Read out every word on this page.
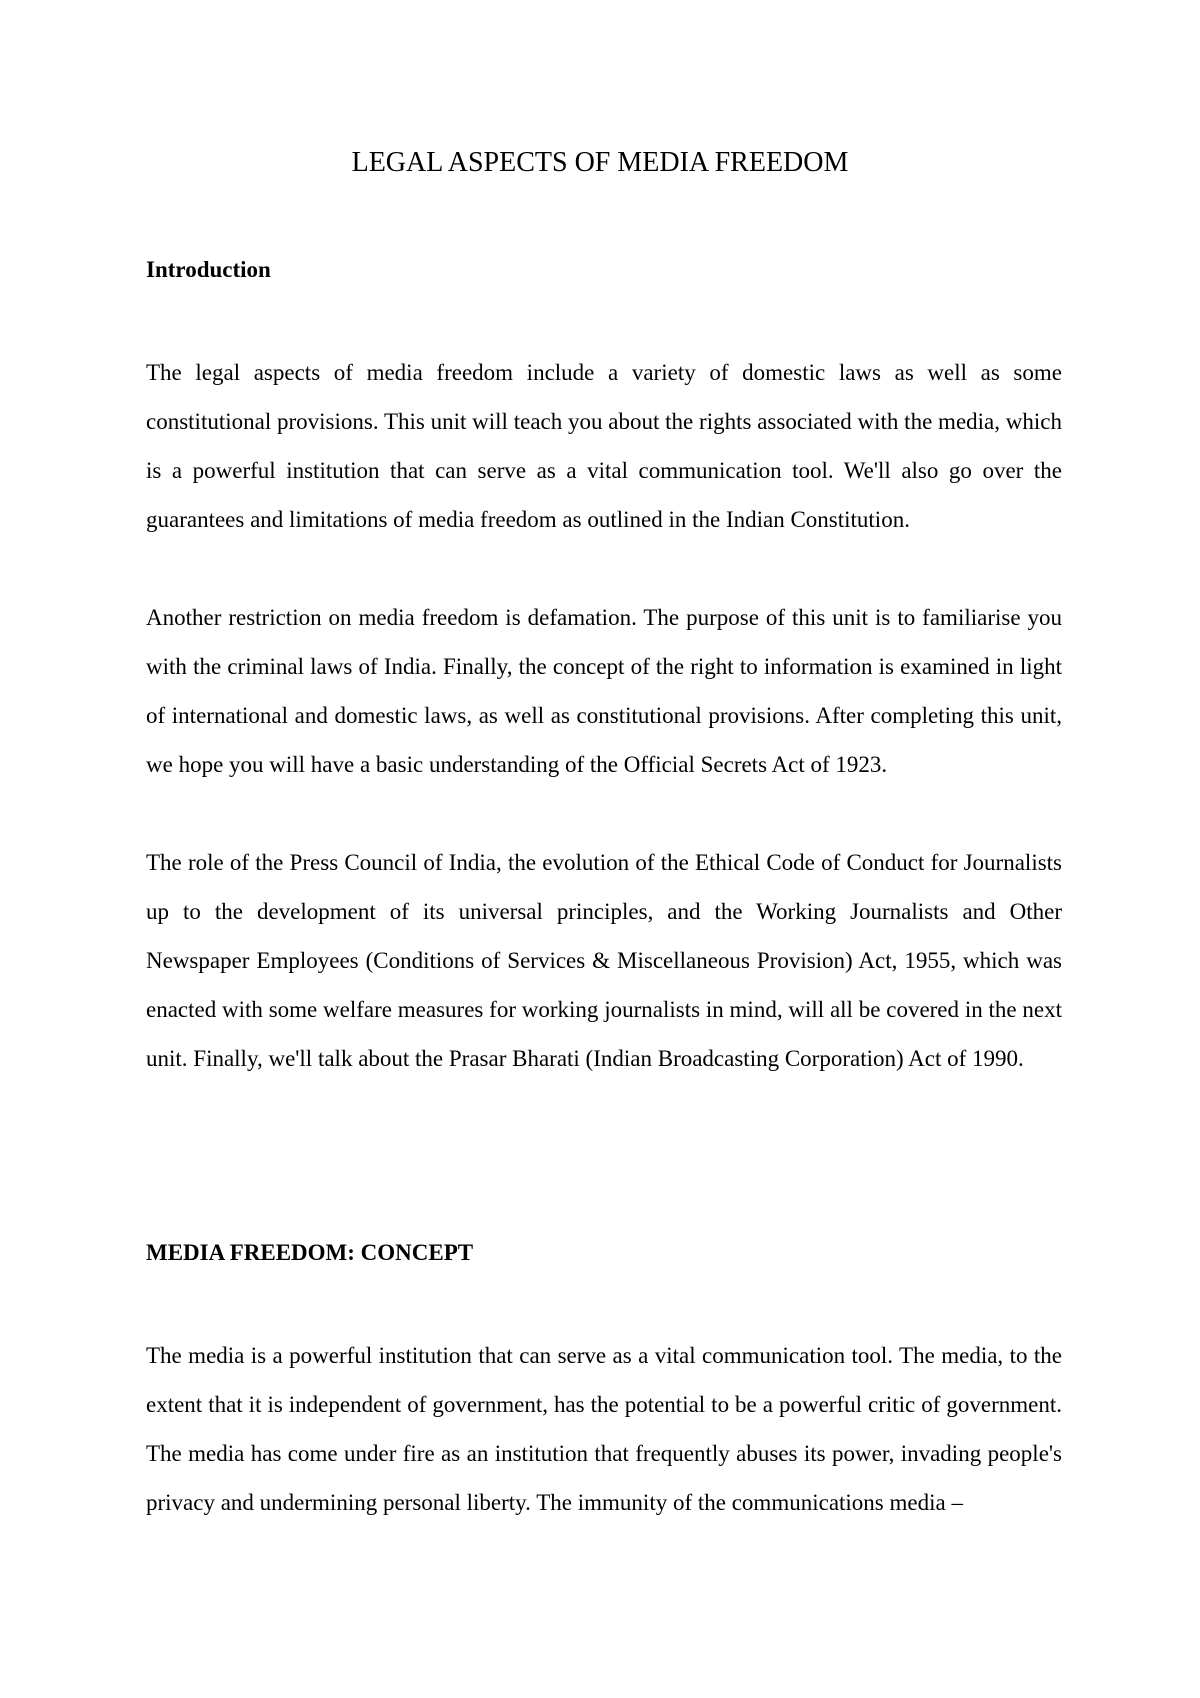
LEGAL ASPECTS OF MEDIA FREEDOM
Introduction

The legal aspects of media freedom include a variety of domestic laws as well as some constitutional provisions. This unit will teach you about the rights associated with the media, which is a powerful institution that can serve as a vital communication tool. We'll also go over the guarantees and limitations of media freedom as outlined in the Indian Constitution.

Another restriction on media freedom is defamation. The purpose of this unit is to familiarise you with the criminal laws of India. Finally, the concept of the right to information is examined in light of international and domestic laws, as well as constitutional provisions. After completing this unit, we hope you will have a basic understanding of the Official Secrets Act of 1923.

The role of the Press Council of India, the evolution of the Ethical Code of Conduct for Journalists up to the development of its universal principles, and the Working Journalists and Other Newspaper Employees (Conditions of Services & Miscellaneous Provision) Act, 1955, which was enacted with some welfare measures for working journalists in mind, will all be covered in the next unit. Finally, we'll talk about the Prasar Bharati (Indian Broadcasting Corporation) Act of 1990.

MEDIA FREEDOM: CONCEPT

The media is a powerful institution that can serve as a vital communication tool. The media, to the extent that it is independent of government, has the potential to be a powerful critic of government. The media has come under fire as an institution that frequently abuses its power, invading people's privacy and undermining personal liberty. The immunity of the communications media –
